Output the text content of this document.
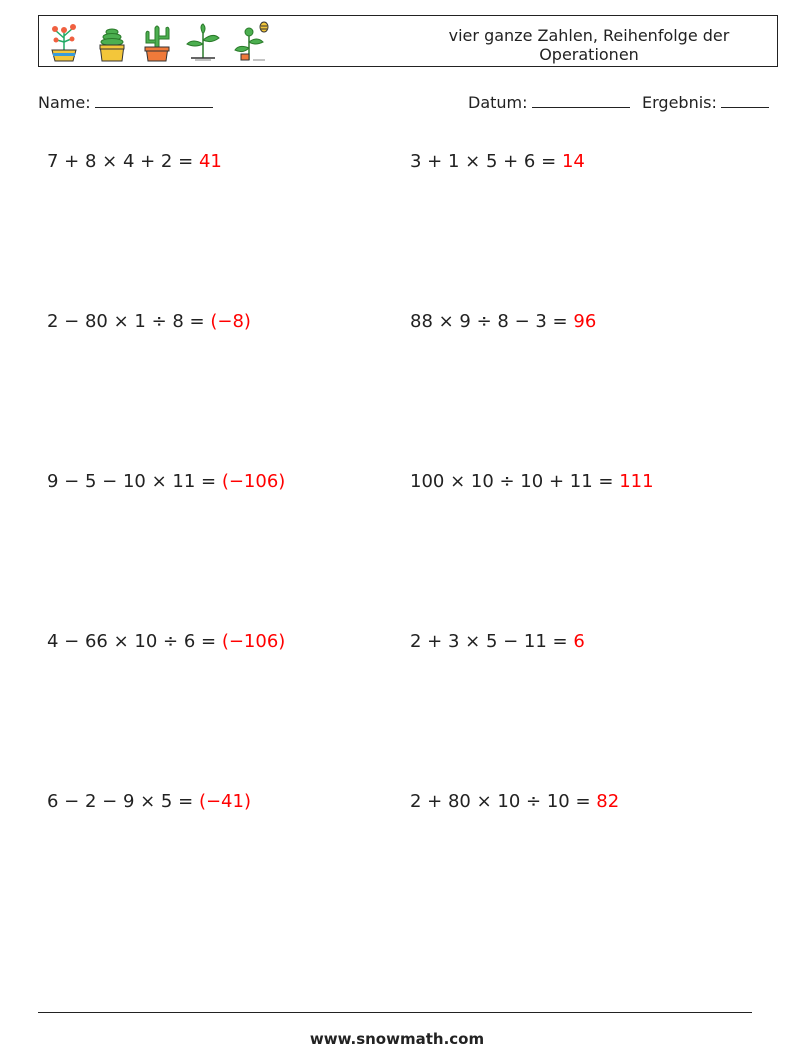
vier ganze Zahlen, Reihenfolge der Operationen
Name:	Datum:	Ergebnis:
7 + 8 × 4 + 2 = 41	3 + 1 × 5 + 6 = 14
2 − 80 × 1 ÷ 8 = (−8)	88 × 9 ÷ 8 − 3 = 96
9 − 5 − 10 × 11 = (−106)	100 × 10 ÷ 10 + 11 = 111
4 − 66 × 10 ÷ 6 = (−106)	2 + 3 × 5 − 11 = 6
6 − 2 − 9 × 5 = (−41)	2 + 80 × 10 ÷ 10 = 82
www.snowmath.com
